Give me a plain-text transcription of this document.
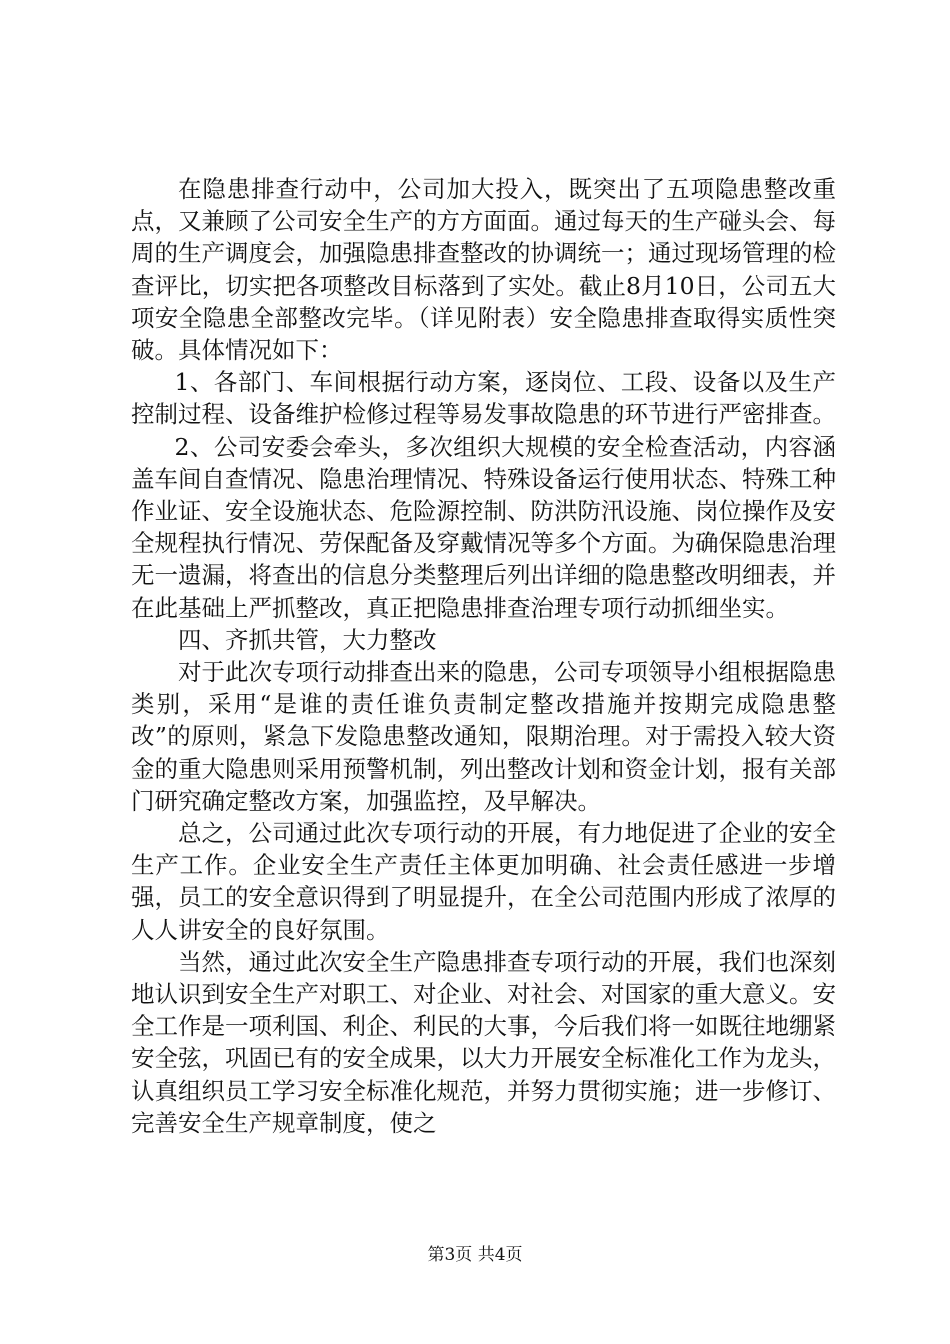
在隐患排查行动中，公司加大投入，既突出了五项隐患整改重点，又兼顾了公司安全生产的方方面面。通过每天的生产碰头会、每周的生产调度会，加强隐患排查整改的协调统一；通过现场管理的检查评比，切实把各项整改目标落到了实处。截止8月10日，公司五大项安全隐患全部整改完毕。（详见附表）安全隐患排查取得实质性突破。具体情况如下：

1、各部门、车间根据行动方案，逐岗位、工段、设备以及生产控制过程、设备维护检修过程等易发事故隐患的环节进行严密排查。

2、公司安委会牵头，多次组织大规模的安全检查活动，内容涵盖车间自查情况、隐患治理情况、特殊设备运行使用状态、特殊工种作业证、安全设施状态、危险源控制、防洪防汛设施、岗位操作及安全规程执行情况、劳保配备及穿戴情况等多个方面。为确保隐患治理无一遗漏，将查出的信息分类整理后列出详细的隐患整改明细表，并在此基础上严抓整改，真正把隐患排查治理专项行动抓细坐实。

四、齐抓共管，大力整改

对于此次专项行动排查出来的隐患，公司专项领导小组根据隐患类别，采用“是谁的责任谁负责制定整改措施并按期完成隐患整改”的原则，紧急下发隐患整改通知，限期治理。对于需投入较大资金的重大隐患则采用预警机制，列出整改计划和资金计划，报有关部门研究确定整改方案，加强监控，及早解决。

总之，公司通过此次专项行动的开展，有力地促进了企业的安全生产工作。企业安全生产责任主体更加明确、社会责任感进一步增强，员工的安全意识得到了明显提升，在全公司范围内形成了浓厚的人人讲安全的良好氛围。

当然，通过此次安全生产隐患排查专项行动的开展，我们也深刻地认识到安全生产对职工、对企业、对社会、对国家的重大意义。安全工作是一项利国、利企、利民的大事，今后我们将一如既往地绷紧安全弦，巩固已有的安全成果，以大力开展安全标准化工作为龙头，认真组织员工学习安全标准化规范，并努力贯彻实施；进一步修订、完善安全生产规章制度，使之

第3页 共4页
